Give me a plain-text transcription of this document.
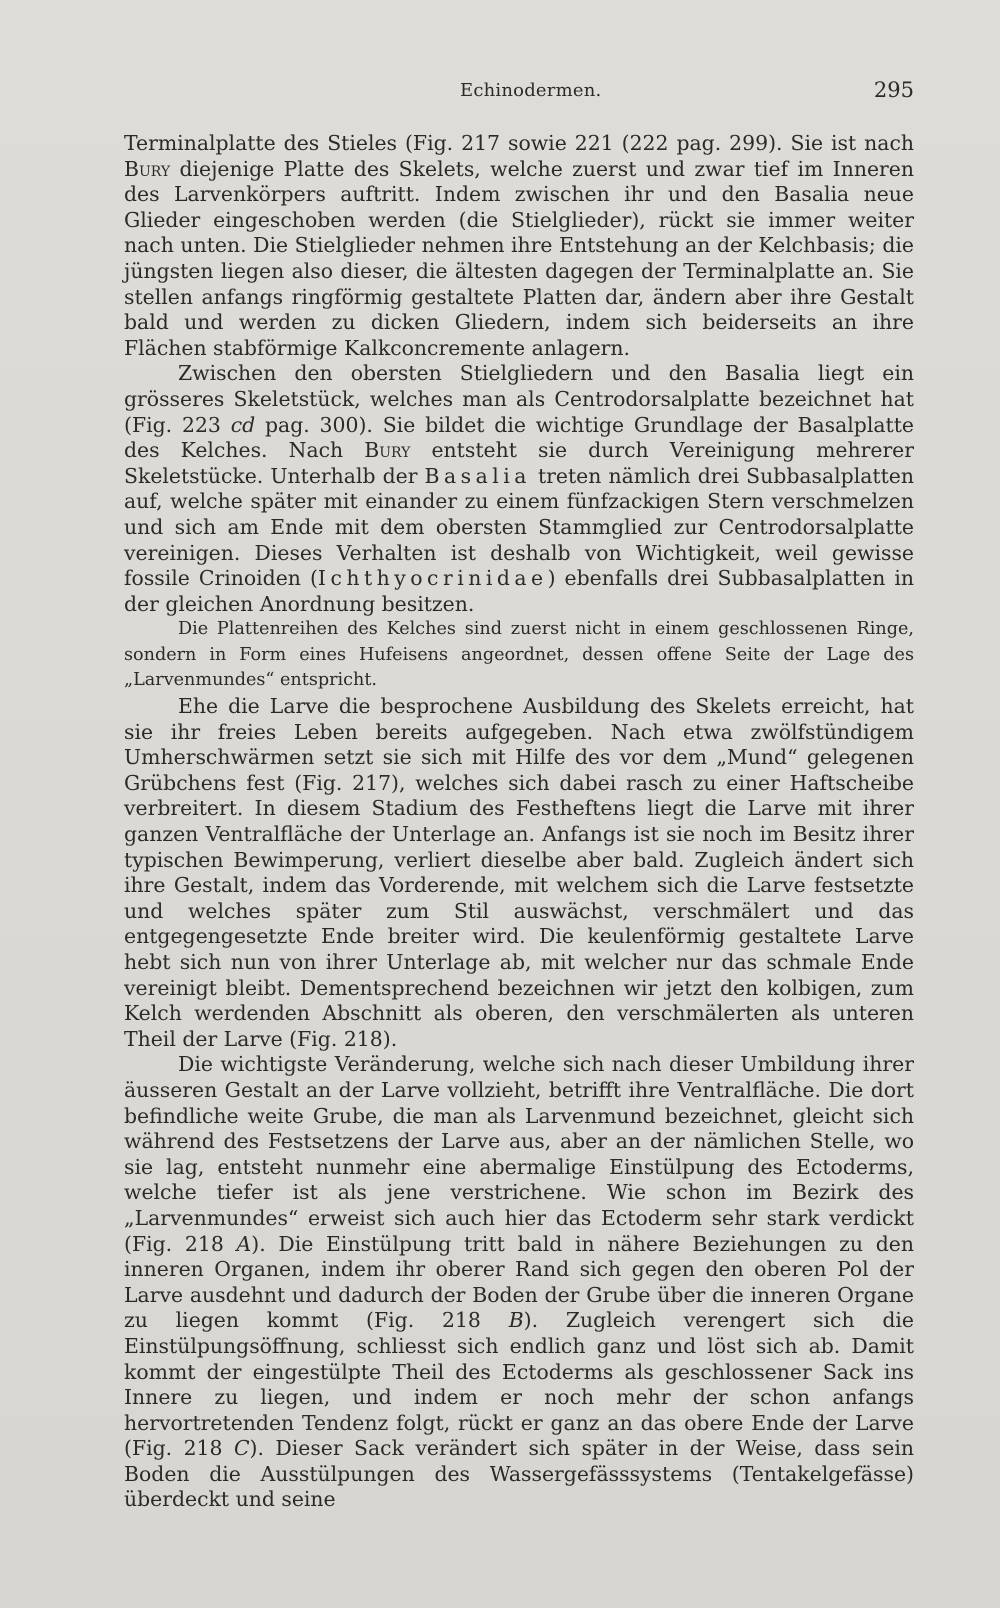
Echinodermen.	295

Terminalplatte des Stieles (Fig. 217 sowie 221 (222 pag. 299). Sie ist nach Bury diejenige Platte des Skelets, welche zuerst und zwar tief im Inneren des Larvenkörpers auftritt. Indem zwischen ihr und den Basalia neue Glieder eingeschoben werden (die Stielglieder), rückt sie immer weiter nach unten. Die Stielglieder nehmen ihre Entstehung an der Kelchbasis; die jüngsten liegen also dieser, die ältesten dagegen der Terminalplatte an. Sie stellen anfangs ringförmig gestaltete Platten dar, ändern aber ihre Gestalt bald und werden zu dicken Gliedern, indem sich beiderseits an ihre Flächen stabförmige Kalkconcremente anlagern.

Zwischen den obersten Stielgliedern und den Basalia liegt ein grösseres Skeletstück, welches man als Centrodorsalplatte bezeichnet hat (Fig. 223 cd pag. 300). Sie bildet die wichtige Grundlage der Basalplatte des Kelches. Nach Bury entsteht sie durch Vereinigung mehrerer Skeletstücke. Unterhalb der Basalia treten nämlich drei Subbasalplatten auf, welche später mit einander zu einem fünfzackigen Stern verschmelzen und sich am Ende mit dem obersten Stammglied zur Centrodorsalplatte vereinigen. Dieses Verhalten ist deshalb von Wichtigkeit, weil gewisse fossile Crinoiden (Ichthyocrinidae) ebenfalls drei Subbasalplatten in der gleichen Anordnung besitzen.

Die Plattenreihen des Kelches sind zuerst nicht in einem geschlossenen Ringe, sondern in Form eines Hufeisens angeordnet, dessen offene Seite der Lage des „Larvenmundes“ entspricht.

Ehe die Larve die besprochene Ausbildung des Skelets erreicht, hat sie ihr freies Leben bereits aufgegeben. Nach etwa zwölfstündigem Umherschwärmen setzt sie sich mit Hilfe des vor dem „Mund“ gelegenen Grübchens fest (Fig. 217), welches sich dabei rasch zu einer Haftscheibe verbreitert. In diesem Stadium des Festheftens liegt die Larve mit ihrer ganzen Ventralfläche der Unterlage an. Anfangs ist sie noch im Besitz ihrer typischen Bewimperung, verliert dieselbe aber bald. Zugleich ändert sich ihre Gestalt, indem das Vorderende, mit welchem sich die Larve festsetzte und welches später zum Stil auswächst, verschmälert und das entgegengesetzte Ende breiter wird. Die keulenförmig gestaltete Larve hebt sich nun von ihrer Unterlage ab, mit welcher nur das schmale Ende vereinigt bleibt. Dementsprechend bezeichnen wir jetzt den kolbigen, zum Kelch werdenden Abschnitt als oberen, den verschmälerten als unteren Theil der Larve (Fig. 218).

Die wichtigste Veränderung, welche sich nach dieser Umbildung ihrer äusseren Gestalt an der Larve vollzieht, betrifft ihre Ventralfläche. Die dort befindliche weite Grube, die man als Larvenmund bezeichnet, gleicht sich während des Festsetzens der Larve aus, aber an der nämlichen Stelle, wo sie lag, entsteht nunmehr eine abermalige Einstülpung des Ectoderms, welche tiefer ist als jene verstrichene. Wie schon im Bezirk des „Larvenmundes“ erweist sich auch hier das Ectoderm sehr stark verdickt (Fig. 218 A). Die Einstülpung tritt bald in nähere Beziehungen zu den inneren Organen, indem ihr oberer Rand sich gegen den oberen Pol der Larve ausdehnt und dadurch der Boden der Grube über die inneren Organe zu liegen kommt (Fig. 218 B). Zugleich verengert sich die Einstülpungsöffnung, schliesst sich endlich ganz und löst sich ab. Damit kommt der eingestülpte Theil des Ectoderms als geschlossener Sack ins Innere zu liegen, und indem er noch mehr der schon anfangs hervortretenden Tendenz folgt, rückt er ganz an das obere Ende der Larve (Fig. 218 C). Dieser Sack verändert sich später in der Weise, dass sein Boden die Ausstülpungen des Wassergefässsystems (Tentakelgefässe) überdeckt und seine
